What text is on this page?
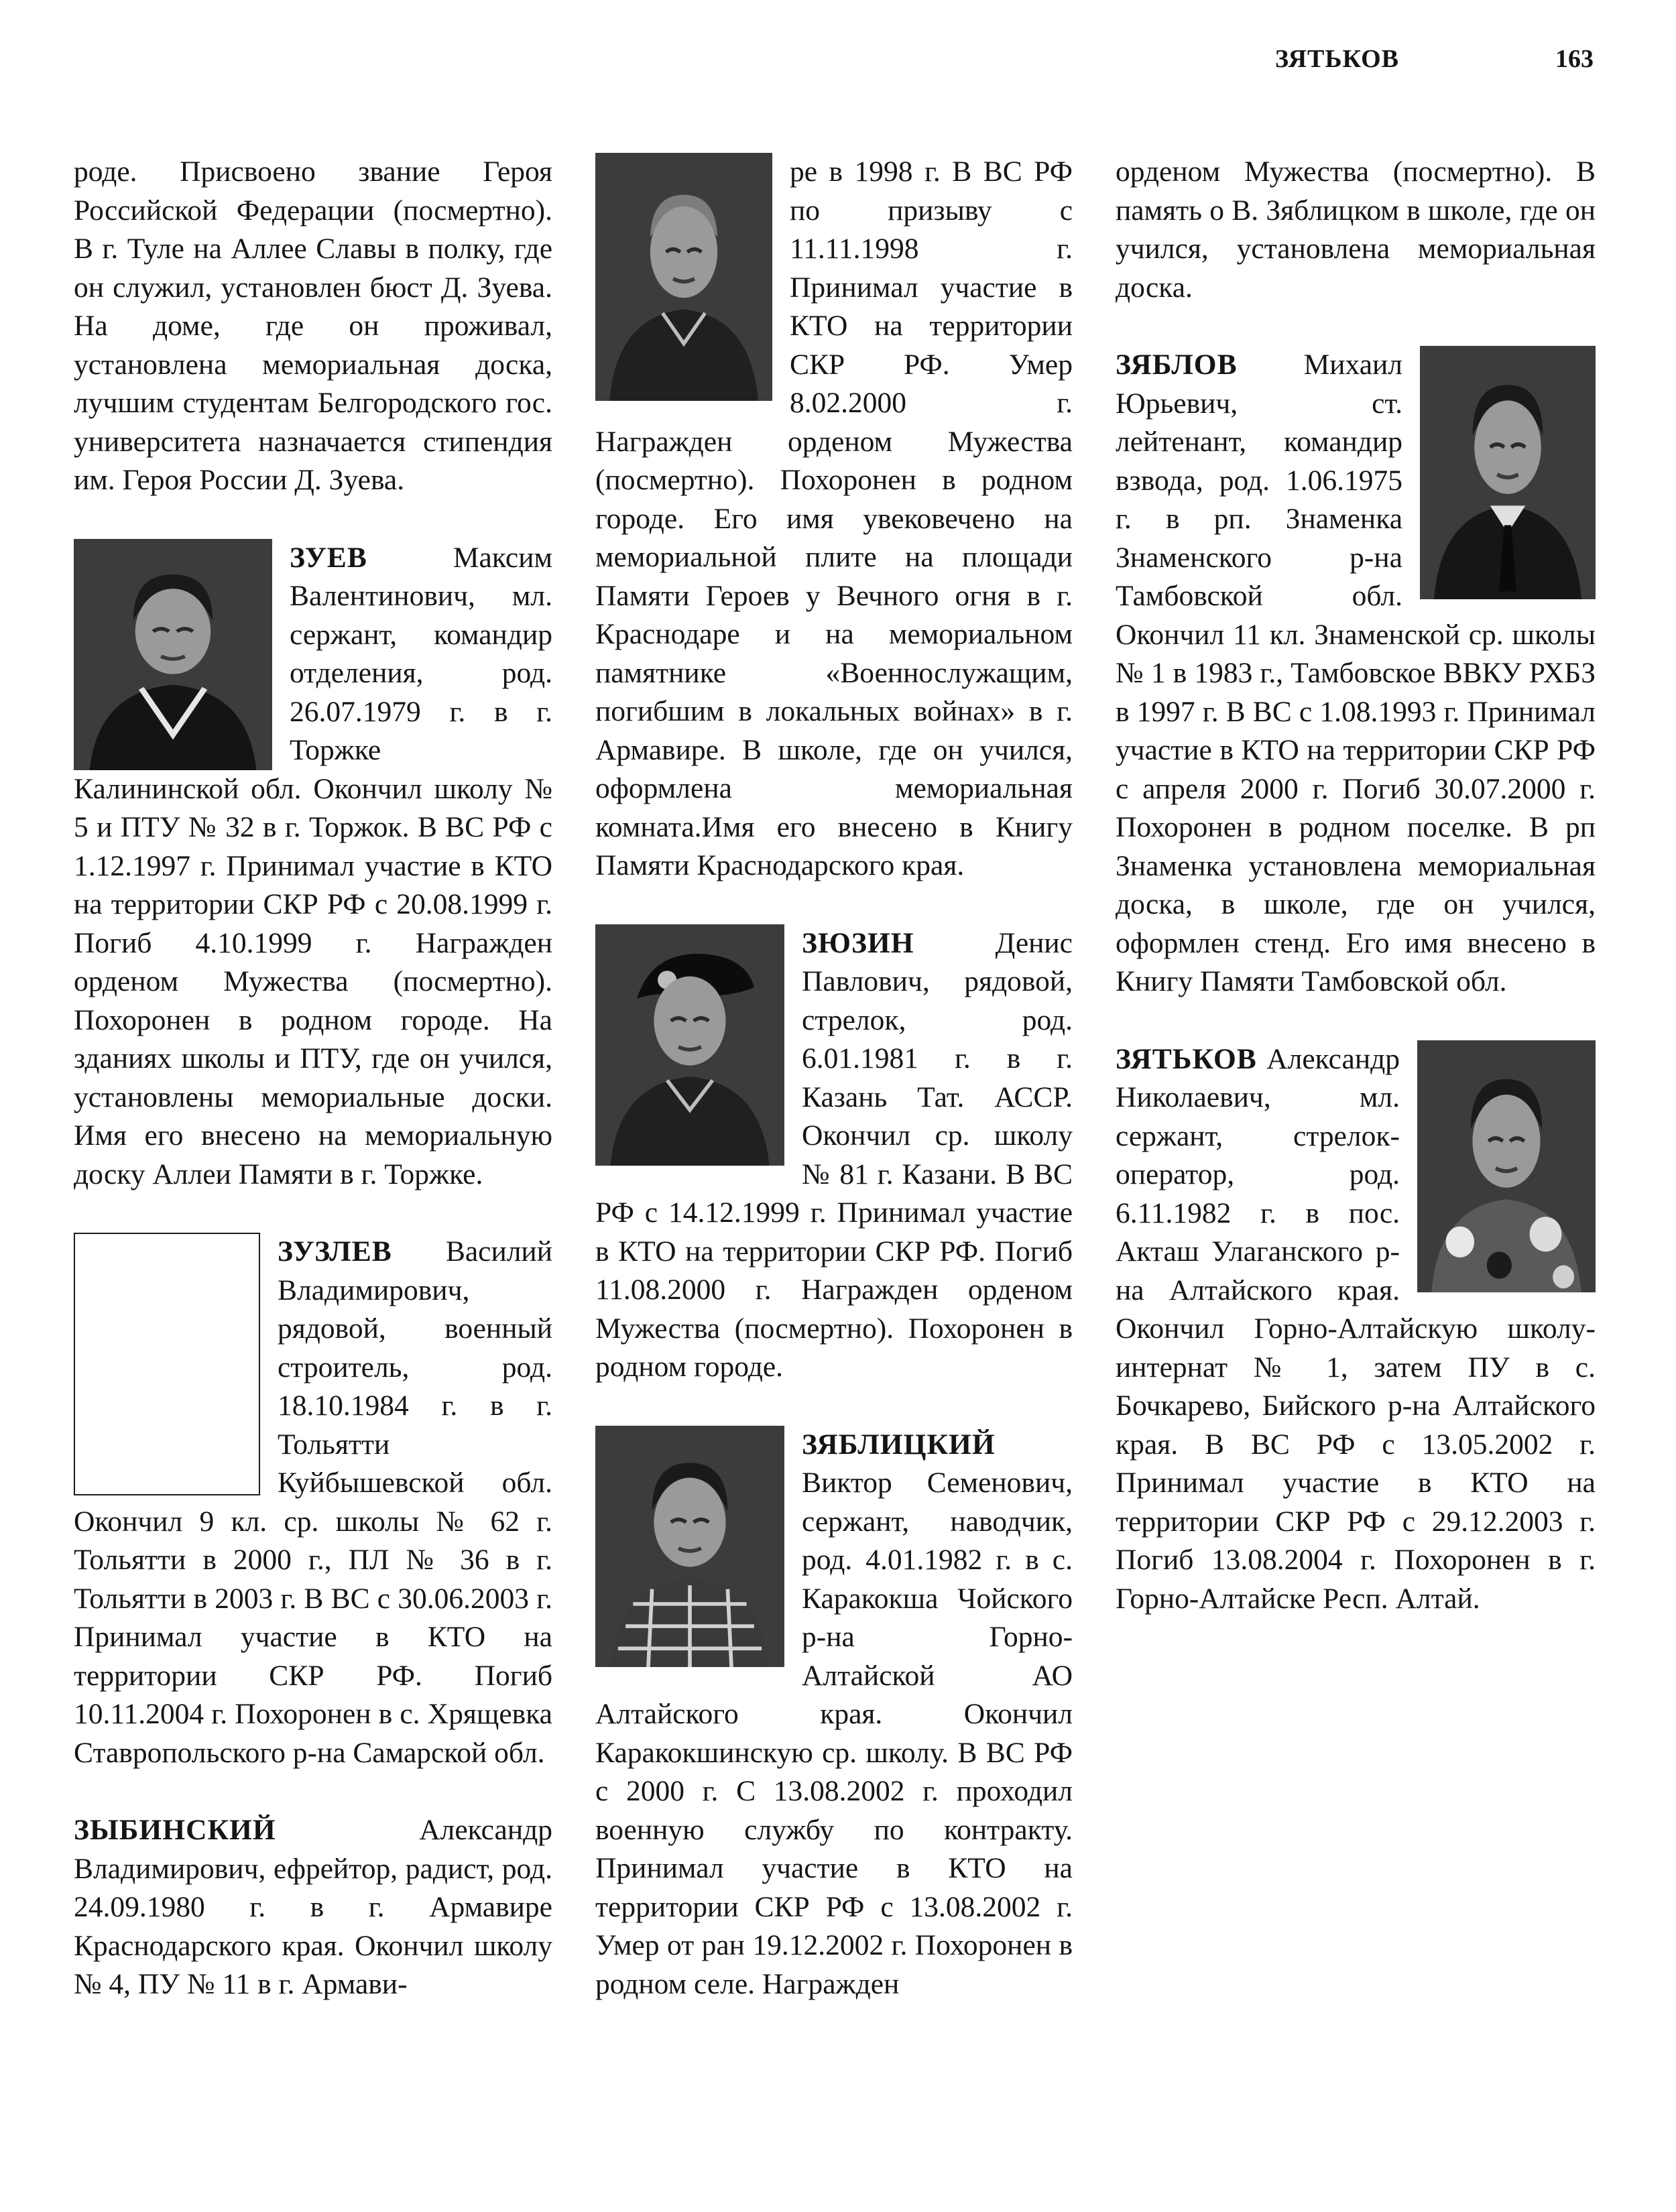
ЗЯТЬКОВ	163

роде. Присвоено звание Героя Российской Федерации (посмертно). В г. Туле на Аллее Славы в полку, где он служил, установлен бюст Д. Зуева. На доме, где он проживал, установлена мемориальная доска, лучшим студентам Белгородского гос. университета назначается стипендия им. Героя России Д. Зуева.

ЗУЕВ	Максим Валентинович, мл. сержант, командир отделения, род. 26.07.1979 г. в г. Торжке Калининской обл. Окончил школу № 5 и ПТУ № 32 в г. Торжок. В ВС РФ с 1.12.1997 г. Принимал участие в КТО на территории СКР РФ с 20.08.1999 г. Погиб 4.10.1999 г. Награжден орденом Мужества (посмертно). Похоронен в родном городе. На зданиях школы и ПТУ, где он учился, установлены мемориальные доски. Имя его внесено на мемориальную доску Аллеи Памяти в г. Торжке.

ЗУЗЛЕВ Василий Владимирович, рядовой, военный строитель, род. 18.10.1984 г. в г. Тольятти Куйбышевской обл. Окончил 9 кл. ср. школы № 62 г. Тольятти в 2000 г., ПЛ № 36 в г. Тольятти в 2003 г. В ВС с 30.06.2003 г. Принимал участие в КТО на территории СКР РФ. Погиб 10.11.2004 г. Похоронен в с. Хрящевка Ставропольского р-на Самарской обл.

ЗЫБИНСКИЙ	Александр Владимирович, ефрейтор, радист, род. 24.09.1980 г. в г. Армавире Краснодарского края. Окончил школу № 4, ПУ № 11 в г. Армави-

ре в 1998 г. В ВС РФ по призыву с 11.11.1998 г. Принимал участие в КТО на территории СКР РФ. Умер 8.02.2000 г. Награжден орденом Мужества (посмертно). Похоронен в родном городе. Его имя увековечено на мемориальной плите на площади Памяти Героев у Вечного огня в г. Краснодаре и на мемориальном памятнике «Военнослужащим, погибшим в локальных войнах» в г. Армавире. В школе, где он учился, оформлена мемориальная комната.Имя его внесено в Книгу Памяти Краснодарского края.

ЗЮЗИН	Денис Павлович, рядовой, стрелок, род. 6.01.1981 г. в г. Казань Тат. АССР. Окончил ср. школу № 81 г. Казани. В ВС РФ с 14.12.1999 г. Принимал участие в КТО на территории СКР РФ. Погиб 11.08.2000 г. Награжден орденом Мужества (посмертно). Похоронен в родном городе.

ЗЯБЛИЦКИЙ
Виктор Семенович, сержант, наводчик, род. 4.01.1982 г. в с. Каракокша Чойского р-на Горно-Алтайской АО Алтайского края. Окончил Каракокшинскую ср. школу. В ВС РФ с 2000 г. С 13.08.2002 г. проходил военную службу по контракту. Принимал участие в КТО на территории СКР РФ с 13.08.2002 г. Умер от ран 19.12.2002 г. Похоронен в родном селе. Награжден

орденом Мужества (посмертно). В память о В. Зяблицком в школе, где он учился, установлена мемориальная доска.

ЗЯБЛОВ Михаил Юрьевич, ст. лейтенант, командир взвода, род. 1.06.1975 г. в рп. Знаменка Знаменского р-на Тамбовской обл. Окончил 11 кл. Знаменской ср. школы № 1 в 1983 г., Тамбовское ВВКУ РХБЗ в 1997 г. В ВС с 1.08.1993 г. Принимал участие в КТО на территории СКР РФ с апреля 2000 г. Погиб 30.07.2000 г. Похоронен в родном поселке. В рп Знаменка установлена мемориальная доска, в школе, где он учился, оформлен стенд. Его имя внесено в Книгу Памяти Тамбовской обл.

ЗЯТЬКОВ Александр Николаевич, мл. сержант, стрелок-оператор, род. 6.11.1982 г. в пос. Акташ Улаганского р-на Алтайского края. Окончил Горно-Алтайскую школу-интернат № 1, затем ПУ в с. Бочкарево, Бийского р-на Алтайского края. В ВС РФ с 13.05.2002 г. Принимал участие в КТО на территории СКР РФ с 29.12.2003 г. Погиб 13.08.2004 г. Похоронен в г. Горно-Алтайске Респ. Алтай.
